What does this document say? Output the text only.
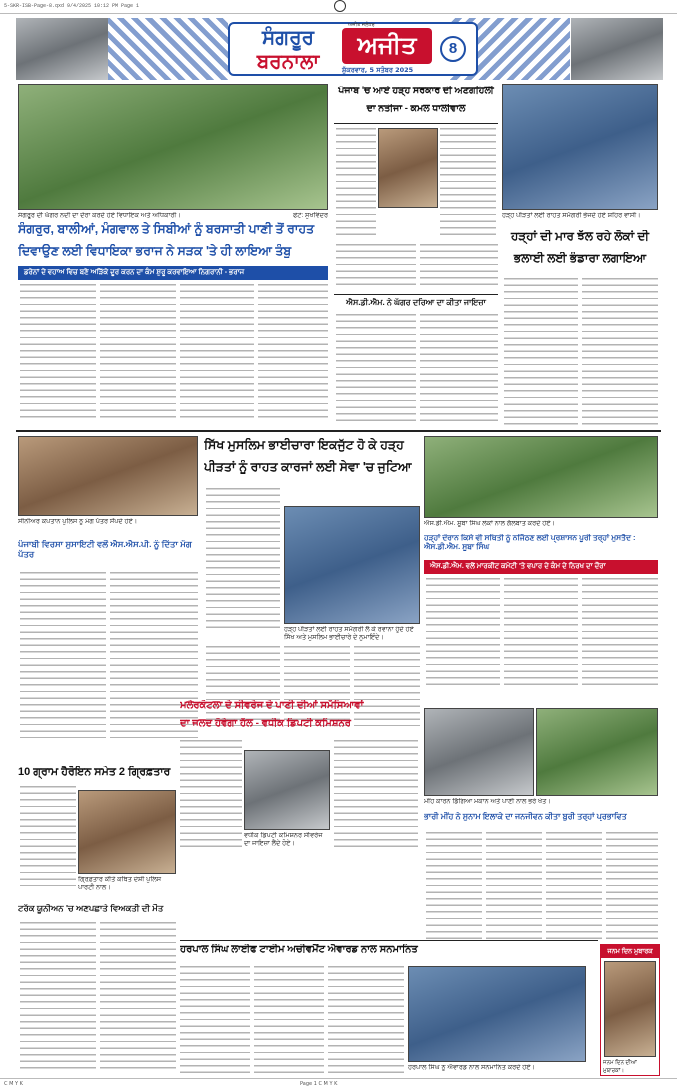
5-SKR-ISB-Page-8.qxd 9/4/2025 10:12 PM Page 1
ਸੰਗਰੂਰ
ਬਰਨਾਲਾ
ਅਜੀਤ
ਅਜੀਤ ਜਲੰਧਰ
ਸ਼ੁੱਕਰਵਾਰ, 5 ਸਤੰਬਰ 2025
8
ਸੰਗਰੂਰ ਦੀ ਘੱਗਰ ਨਦੀ ਦਾ ਦੌਰਾ ਕਰਦੇ ਹੋਏ ਵਿਧਾਇਕ ਅਤੇ ਅਧਿਕਾਰੀ।	ਫੋਟੋ: ਸੁਖਵਿੰਦਰ
ਪੰਜਾਬ 'ਚ ਆਏ ਹੜ੍ਹ ਸਰਕਾਰ ਦੀ ਅਣਗਹਿਲੀ
ਦਾ ਨਤੀਜਾ - ਕਮਲ ਧਾਲੀਵਾਲ
ਹੜ੍ਹ ਪੀੜਤਾਂ ਲਈ ਰਾਹਤ ਸਮੱਗਰੀ ਭੇਜਦੇ ਹੋਏ ਸ਼ਹਿਰ ਵਾਸੀ।
ਹੜ੍ਹਾਂ ਦੀ ਮਾਰ ਝੱਲ ਰਹੇ ਲੋਕਾਂ ਦੀ
ਭਲਾਈ ਲਈ ਭੰਡਾਰਾ ਲਗਾਇਆ
ਸੰਗਰੂਰ, ਬਾਲੀਆਂ, ਮੰਗਵਾਲ ਤੇ ਸਿਬੀਆਂ ਨੂੰ ਬਰਸਾਤੀ ਪਾਣੀ ਤੋਂ ਰਾਹਤ
ਦਿਵਾਉਣ ਲਈ ਵਿਧਾਇਕਾ ਭਰਾਜ ਨੇ ਸੜਕ 'ਤੇ ਹੀ ਲਾਇਆ ਤੰਬੂ
ਡਰੇਨਾਂ ਦੇ ਵਹਾਅ ਵਿਚ ਬਣੇ ਅੜਿੱਕੇ ਦੂਰ ਕਰਨ ਦਾ ਕੰਮ ਸ਼ੁਰੂ ਕਰਵਾਇਆ ਨਿਗਰਾਨੀ - ਭਰਾਜ
ਐਸ.ਡੀ.ਐਮ. ਨੇ ਘੱਗਰ ਦਰਿਆ ਦਾ ਕੀਤਾ ਜਾਇਜ਼ਾ
ਸੀਨੀਅਰ ਕਪਤਾਨ ਪੁਲਿਸ ਨੂੰ ਮੰਗ ਪੱਤਰ ਸੌਂਪਦੇ ਹੋਏ।
ਪੰਜਾਬੀ ਵਿਰਸਾ ਸੁਸਾਇਟੀ ਵਲੋਂ ਐਸ.ਐਸ.ਪੀ. ਨੂੰ ਦਿੱਤਾ ਮੰਗ ਪੱਤਰ
ਸਿੱਖ ਮੁਸਲਿਮ ਭਾਈਚਾਰਾ ਇਕਜੁੱਟ ਹੋ ਕੇ ਹੜ੍ਹ
ਪੀੜਤਾਂ ਨੂੰ ਰਾਹਤ ਕਾਰਜਾਂ ਲਈ ਸੇਵਾ 'ਚ ਜੁਟਿਆ
ਹੜ੍ਹ ਪੀੜਤਾਂ ਲਈ ਰਾਹਤ ਸਮੱਗਰੀ ਲੈ ਕੇ ਰਵਾਨਾ ਹੁੰਦੇ ਹੋਏ ਸਿੱਖ ਅਤੇ ਮੁਸਲਿਮ ਭਾਈਚਾਰੇ ਦੇ ਨੁਮਾਇੰਦੇ।
ਐਸ.ਡੀ.ਐਮ. ਸੂਬਾ ਸਿੰਘ ਲੋਕਾਂ ਨਾਲ ਗੱਲਬਾਤ ਕਰਦੇ ਹੋਏ।
ਹੜ੍ਹਾਂ ਦੌਰਾਨ ਕਿਸੇ ਵੀ ਸਥਿਤੀ ਨੂੰ ਨਜਿੱਠਣ ਲਈ ਪ੍ਰਸ਼ਾਸਨ ਪੂਰੀ ਤਰ੍ਹਾਂ ਮੁਸਤੈਦ : ਐਸ.ਡੀ.ਐਮ. ਸੂਬਾ ਸਿੰਘ
ਐਸ.ਡੀ.ਐਮ. ਵਲੋਂ ਮਾਰਕੀਟ ਕਮੇਟੀ 'ਤੇ ਵਪਾਰ ਦੇ ਕੰਮ ਦੇ ਨਿਰਖ ਦਾ ਦੌਰਾ
ਮਲੇਰਕੋਟਲਾ ਦੇ ਸੀਵਰੇਜ ਦੇ ਪਾਣੀ ਦੀਆਂ ਸਮੱਸਿਆਵਾਂ
ਦਾ ਜਲਦ ਹੋਵੇਗਾ ਹੱਲ - ਵਧੀਕ ਡਿਪਟੀ ਕਮਿਸ਼ਨਰ
ਵਧੀਕ ਡਿਪਟੀ ਕਮਿਸ਼ਨਰ ਸੀਵਰੇਜ ਦਾ ਜਾਇਜ਼ਾ ਲੈਂਦੇ ਹੋਏ।
10 ਗ੍ਰਾਮ ਹੈਰੋਇਨ ਸਮੇਤ 2 ਗ੍ਰਿਫ਼ਤਾਰ
ਗ੍ਰਿਫ਼ਤਾਰ ਕੀਤੇ ਕਥਿਤ ਦੋਸ਼ੀ ਪੁਲਿਸ ਪਾਰਟੀ ਨਾਲ।
ਟਰੱਕ ਯੂਨੀਅਨ 'ਚ ਅਣਪਛਾਤੇ ਵਿਅਕਤੀ ਦੀ ਮੌਤ
ਮੀਂਹ ਕਾਰਨ ਡਿੱਗਿਆ ਮਕਾਨ ਅਤੇ ਪਾਣੀ ਨਾਲ ਭਰੇ ਖੇਤ।
ਭਾਰੀ ਮੀਂਹ ਨੇ ਸੁਨਾਮ ਇਲਾਕੇ ਦਾ ਜਨਜੀਵਨ ਕੀਤਾ ਬੁਰੀ ਤਰ੍ਹਾਂ ਪ੍ਰਭਾਵਿਤ
ਹਰਪਾਲ ਸਿੰਘ ਲਾਈਫ ਟਾਈਮ ਅਚੀਵਮੈਂਟ ਐਵਾਰਡ ਨਾਲ ਸਨਮਾਨਿਤ
ਹਰਪਾਲ ਸਿੰਘ ਨੂੰ ਐਵਾਰਡ ਨਾਲ ਸਨਮਾਨਿਤ ਕਰਦੇ ਹੋਏ।
ਜਨਮ ਦਿਨ ਮੁਬਾਰਕ
ਜਨਮ ਦਿਨ ਦੀਆਂ ਮੁਬਾਰਕਾਂ।
C M Y K	Page 1 C M Y K
